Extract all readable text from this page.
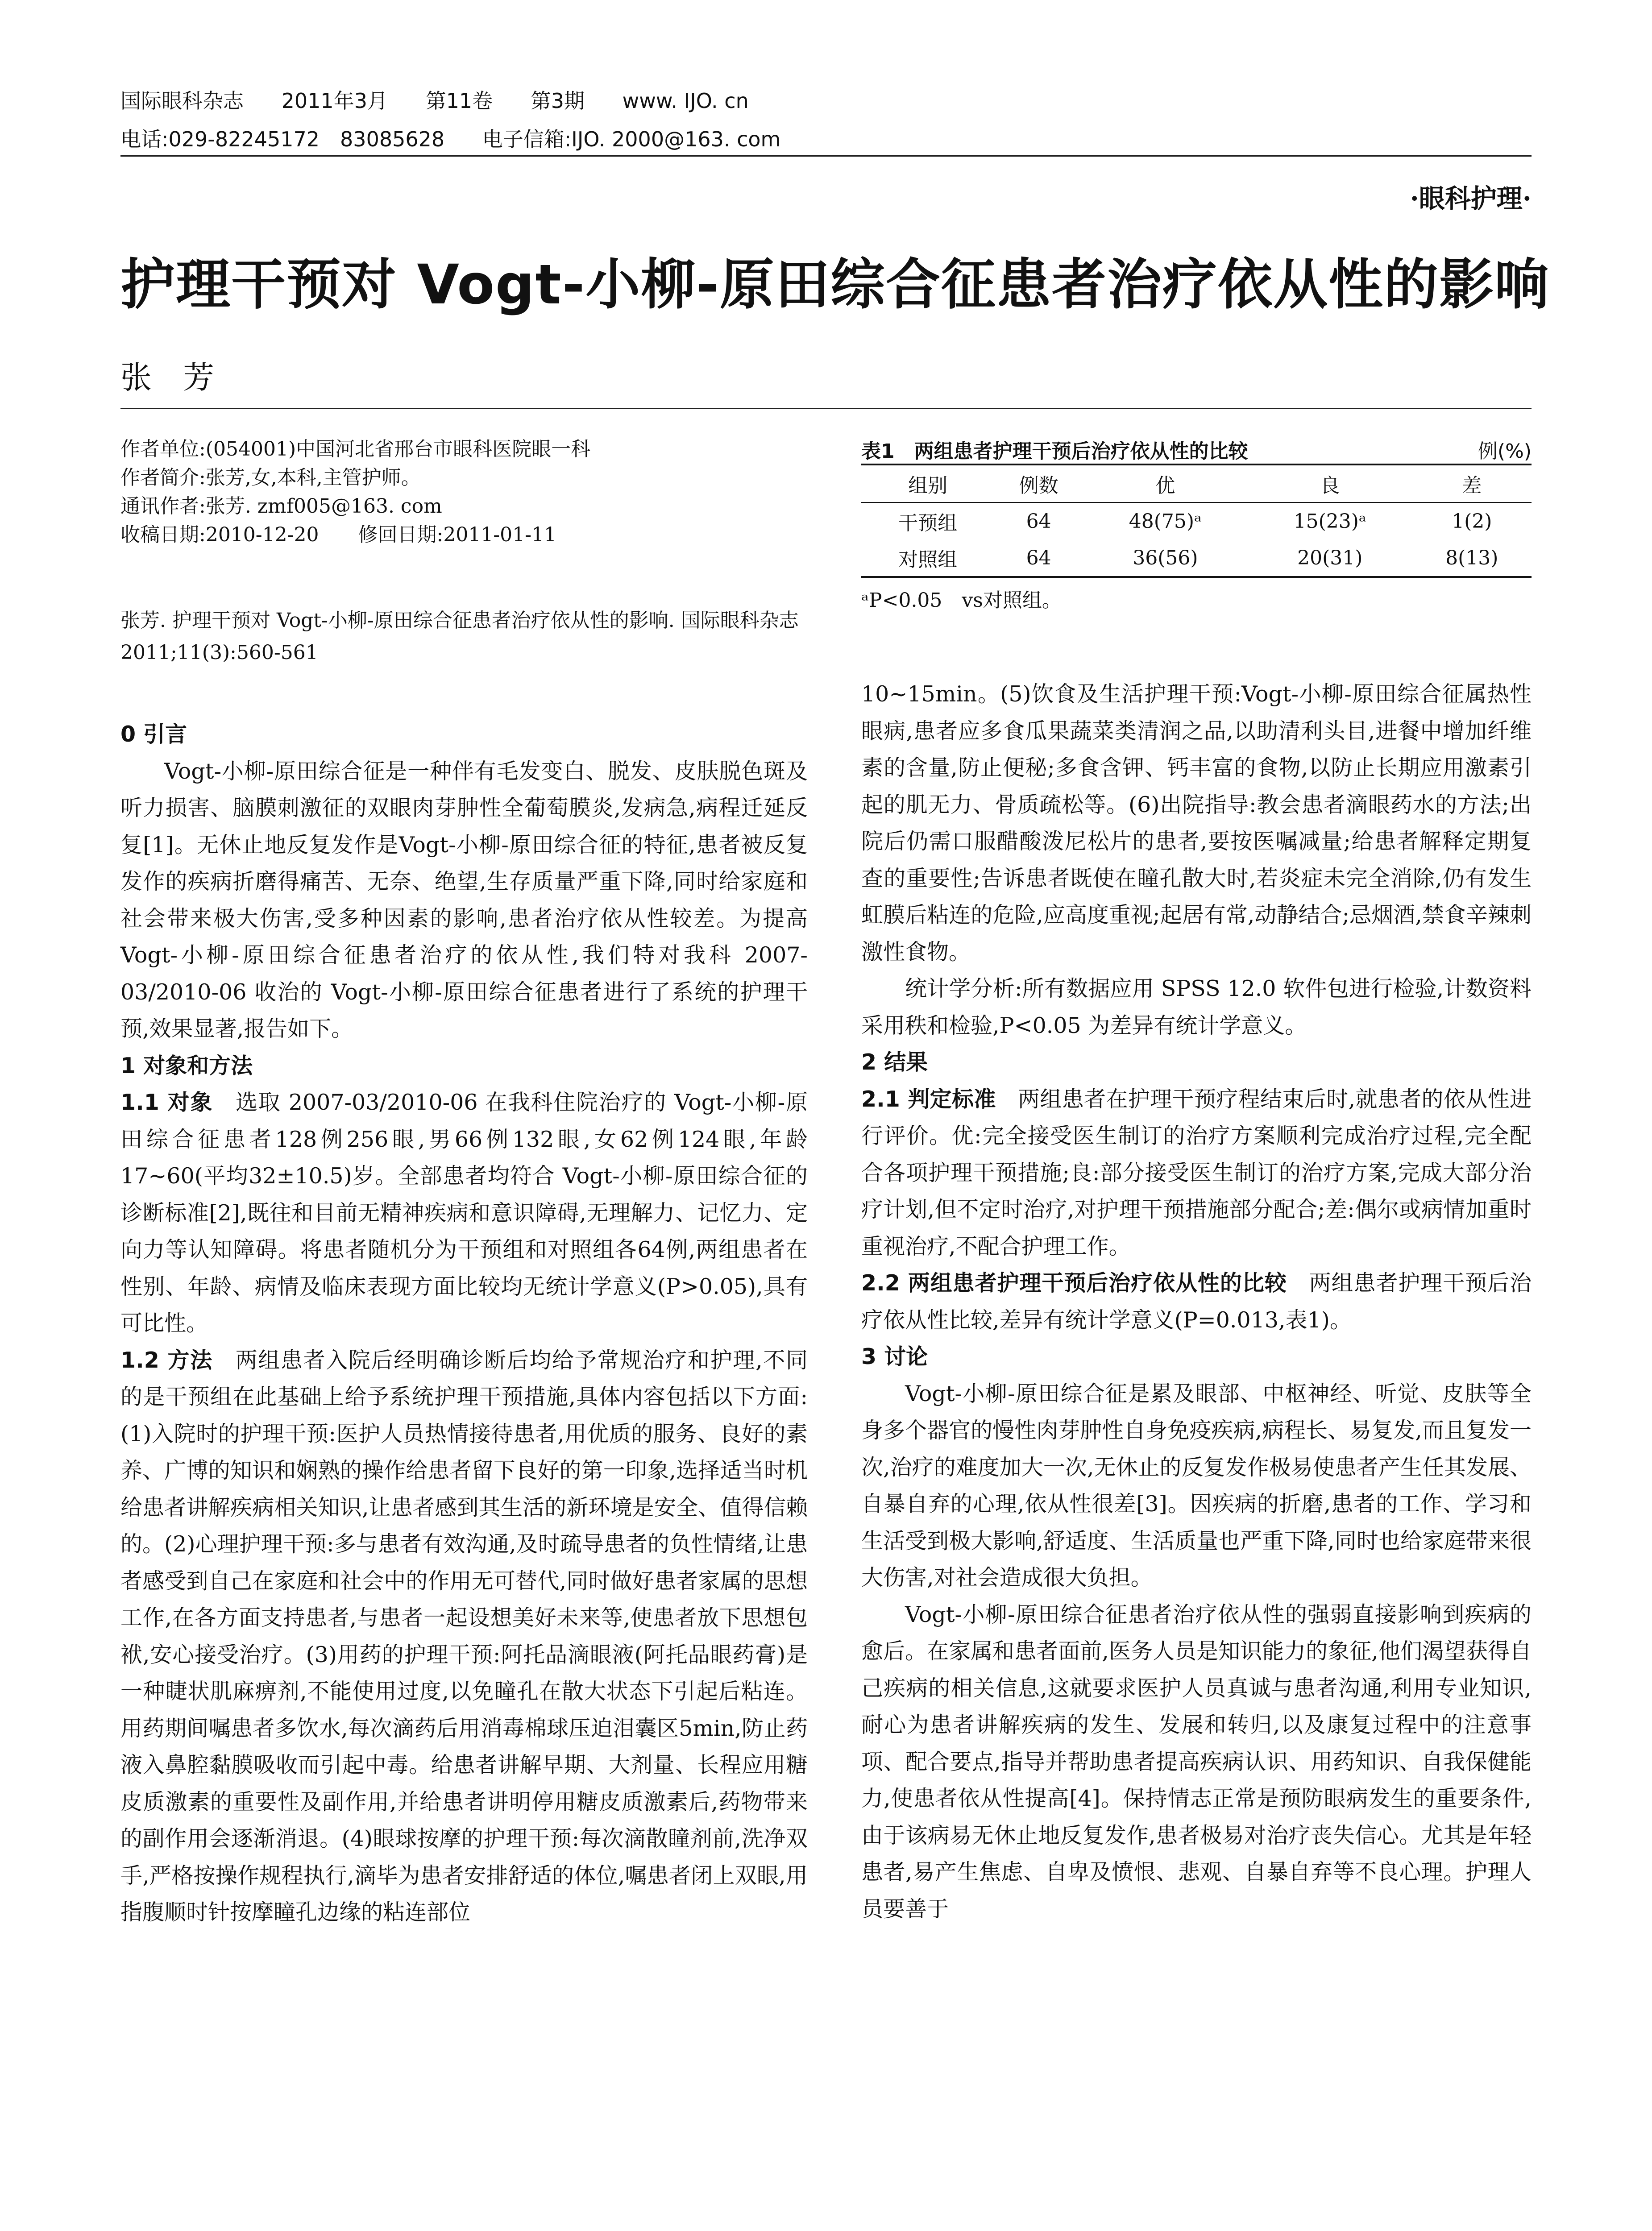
国际眼科杂志 2011年3月 第11卷 第3期 www. IJO. cn
电话:029-82245172　83085628 电子信箱:IJO. 2000@163. com
·眼科护理·
护理干预对 Vogt-小柳-原田综合征患者治疗依从性的影响
张　芳

作者单位:(054001)中国河北省邢台市眼科医院眼一科

作者简介:张芳,女,本科,主管护师。

通讯作者:张芳. zmf005@163. com

收稿日期:2010-12-20　　修回日期:2011-01-11

张芳. 护理干预对 Vogt-小柳-原田综合征患者治疗依从性的影响. 国际眼科杂志 2011;11(3):560-561

0 引言

Vogt-小柳-原田综合征是一种伴有毛发变白、脱发、皮肤脱色斑及听力损害、脑膜刺激征的双眼肉芽肿性全葡萄膜炎,发病急,病程迁延反复[1]。无休止地反复发作是Vogt-小柳-原田综合征的特征,患者被反复发作的疾病折磨得痛苦、无奈、绝望,生存质量严重下降,同时给家庭和社会带来极大伤害,受多种因素的影响,患者治疗依从性较差。为提高 Vogt-小柳-原田综合征患者治疗的依从性,我们特对我科 2007-03/2010-06 收治的 Vogt-小柳-原田综合征患者进行了系统的护理干预,效果显著,报告如下。

1 对象和方法

1.1 对象　选取 2007-03/2010-06 在我科住院治疗的 Vogt-小柳-原田综合征患者128例256眼,男66例132眼,女62例124眼,年龄17~60(平均32±10.5)岁。全部患者均符合 Vogt-小柳-原田综合征的诊断标准[2],既往和目前无精神疾病和意识障碍,无理解力、记忆力、定向力等认知障碍。将患者随机分为干预组和对照组各64例,两组患者在性别、年龄、病情及临床表现方面比较均无统计学意义(P>0.05),具有可比性。

1.2 方法　两组患者入院后经明确诊断后均给予常规治疗和护理,不同的是干预组在此基础上给予系统护理干预措施,具体内容包括以下方面:(1)入院时的护理干预:医护人员热情接待患者,用优质的服务、良好的素养、广博的知识和娴熟的操作给患者留下良好的第一印象,选择适当时机给患者讲解疾病相关知识,让患者感到其生活的新环境是安全、值得信赖的。(2)心理护理干预:多与患者有效沟通,及时疏导患者的负性情绪,让患者感受到自己在家庭和社会中的作用无可替代,同时做好患者家属的思想工作,在各方面支持患者,与患者一起设想美好未来等,使患者放下思想包袱,安心接受治疗。(3)用药的护理干预:阿托品滴眼液(阿托品眼药膏)是一种睫状肌麻痹剂,不能使用过度,以免瞳孔在散大状态下引起后粘连。用药期间嘱患者多饮水,每次滴药后用消毒棉球压迫泪囊区5min,防止药液入鼻腔黏膜吸收而引起中毒。给患者讲解早期、大剂量、长程应用糖皮质激素的重要性及副作用,并给患者讲明停用糖皮质激素后,药物带来的副作用会逐渐消退。(4)眼球按摩的护理干预:每次滴散瞳剂前,洗净双手,严格按操作规程执行,滴毕为患者安排舒适的体位,嘱患者闭上双眼,用指腹顺时针按摩瞳孔边缘的粘连部位

表1　两组患者护理干预后治疗依从性的比较	例(%)
组别	例数	优	良	差
干预组	64	48(75)ᵃ	15(23)ᵃ	1(2)
对照组	64	36(56)	20(31)	8(13)
ᵃP<0.05　vs对照组。

10~15min。(5)饮食及生活护理干预:Vogt-小柳-原田综合征属热性眼病,患者应多食瓜果蔬菜类清润之品,以助清利头目,进餐中增加纤维素的含量,防止便秘;多食含钾、钙丰富的食物,以防止长期应用激素引起的肌无力、骨质疏松等。(6)出院指导:教会患者滴眼药水的方法;出院后仍需口服醋酸泼尼松片的患者,要按医嘱减量;给患者解释定期复查的重要性;告诉患者既使在瞳孔散大时,若炎症未完全消除,仍有发生虹膜后粘连的危险,应高度重视;起居有常,动静结合;忌烟酒,禁食辛辣刺激性食物。

统计学分析:所有数据应用 SPSS 12.0 软件包进行检验,计数资料采用秩和检验,P<0.05 为差异有统计学意义。

2 结果

2.1 判定标准　两组患者在护理干预疗程结束后时,就患者的依从性进行评价。优:完全接受医生制订的治疗方案顺利完成治疗过程,完全配合各项护理干预措施;良:部分接受医生制订的治疗方案,完成大部分治疗计划,但不定时治疗,对护理干预措施部分配合;差:偶尔或病情加重时重视治疗,不配合护理工作。

2.2 两组患者护理干预后治疗依从性的比较　两组患者护理干预后治疗依从性比较,差异有统计学意义(P=0.013,表1)。

3 讨论

Vogt-小柳-原田综合征是累及眼部、中枢神经、听觉、皮肤等全身多个器官的慢性肉芽肿性自身免疫疾病,病程长、易复发,而且复发一次,治疗的难度加大一次,无休止的反复发作极易使患者产生任其发展、自暴自弃的心理,依从性很差[3]。因疾病的折磨,患者的工作、学习和生活受到极大影响,舒适度、生活质量也严重下降,同时也给家庭带来很大伤害,对社会造成很大负担。

Vogt-小柳-原田综合征患者治疗依从性的强弱直接影响到疾病的愈后。在家属和患者面前,医务人员是知识能力的象征,他们渴望获得自己疾病的相关信息,这就要求医护人员真诚与患者沟通,利用专业知识,耐心为患者讲解疾病的发生、发展和转归,以及康复过程中的注意事项、配合要点,指导并帮助患者提高疾病认识、用药知识、自我保健能力,使患者依从性提高[4]。保持情志正常是预防眼病发生的重要条件,由于该病易无休止地反复发作,患者极易对治疗丧失信心。尤其是年轻患者,易产生焦虑、自卑及愤恨、悲观、自暴自弃等不良心理。护理人员要善于
